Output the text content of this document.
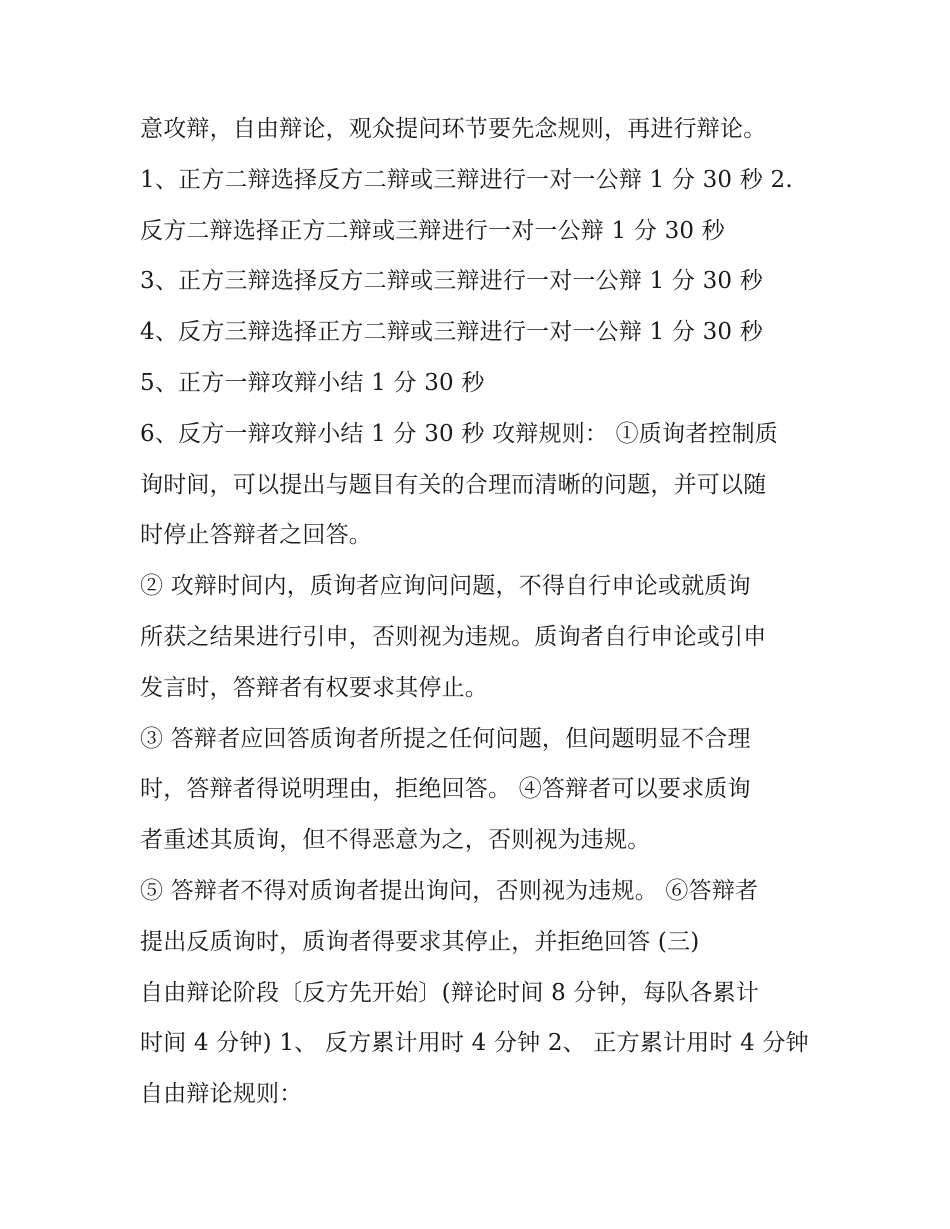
意攻辩，自由辩论，观众提问环节要先念规则，再进行辩论。
1、正方二辩选择反方二辩或三辩进行一对一公辩 1 分 30 秒 2.
反方二辩选择正方二辩或三辩进行一对一公辩 1 分 30 秒
3、正方三辩选择反方二辩或三辩进行一对一公辩 1 分 30 秒
4、反方三辩选择正方二辩或三辩进行一对一公辩 1 分 30 秒
5、正方一辩攻辩小结 1 分 30 秒
6、反方一辩攻辩小结 1 分 30 秒 攻辩规则： ①质询者控制质
询时间，可以提出与题目有关的合理而清晰的问题，并可以随
时停止答辩者之回答。
② 攻辩时间内，质询者应询问问题，不得自行申论或就质询
所获之结果进行引申，否则视为违规。质询者自行申论或引申
发言时，答辩者有权要求其停止。
③ 答辩者应回答质询者所提之任何问题，但问题明显不合理
时，答辩者得说明理由，拒绝回答。 ④答辩者可以要求质询
者重述其质询，但不得恶意为之，否则视为违规。
⑤ 答辩者不得对质询者提出询问，否则视为违规。 ⑥答辩者
提出反质询时，质询者得要求其停止，并拒绝回答 (三)
自由辩论阶段〔反方先开始〕(辩论时间 8 分钟，每队各累计
时间 4 分钟) 1、 反方累计用时 4 分钟 2、 正方累计用时 4 分钟
自由辩论规则：
